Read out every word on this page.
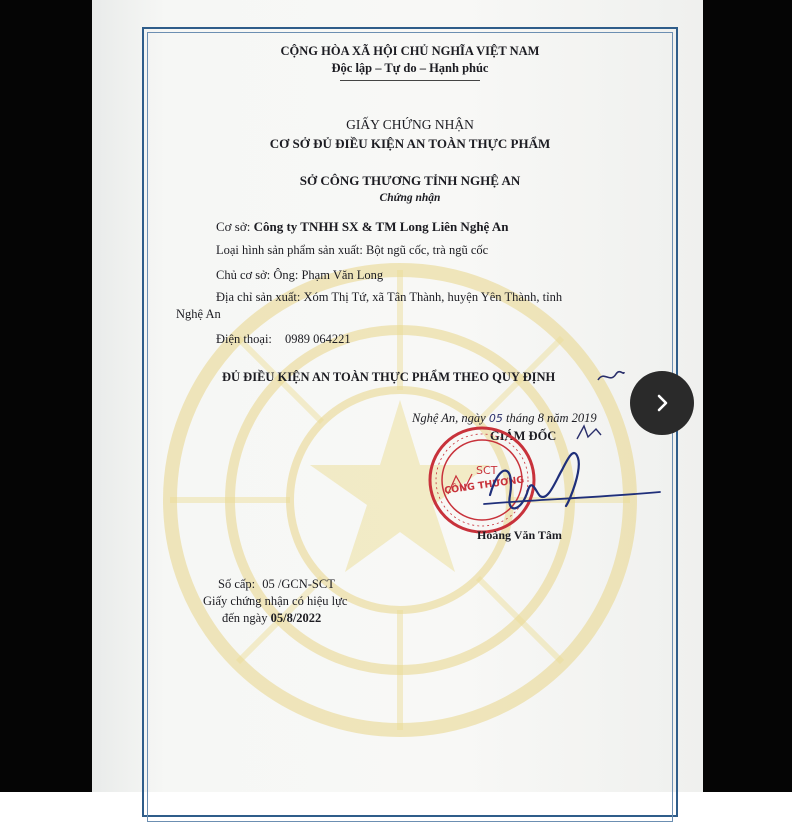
CỘNG HÒA XÃ HỘI CHỦ NGHĨA VIỆT NAM
Độc lập – Tự do – Hạnh phúc
GIẤY CHỨNG NHẬN
CƠ SỞ ĐỦ ĐIỀU KIỆN AN TOÀN THỰC PHẨM
SỞ CÔNG THƯƠNG TỈNH NGHỆ AN
Chứng nhận
Cơ sở: Công ty TNHH SX & TM Long Liên Nghệ An
Loại hình sản phẩm sản xuất: Bột ngũ cốc, trà ngũ cốc
Chủ cơ sở: Ông: Phạm Văn Long
Địa chỉ sản xuất: Xóm Thị Tứ, xã Tân Thành, huyện Yên Thành, tỉnh
Nghệ An
Điện thoại: 0989 064221
ĐỦ ĐIỀU KIỆN AN TOÀN THỰC PHẨM THEO QUY ĐỊNH
Nghệ An, ngày 05 tháng 8 năm 2019
GIÁM ĐỐC
SCT
CÔNG THƯƠNG
Hoàng Văn Tâm
Số cấp: 05 /GCN-SCT
Giấy chứng nhận có hiệu lực
đến ngày 05/8/2022
